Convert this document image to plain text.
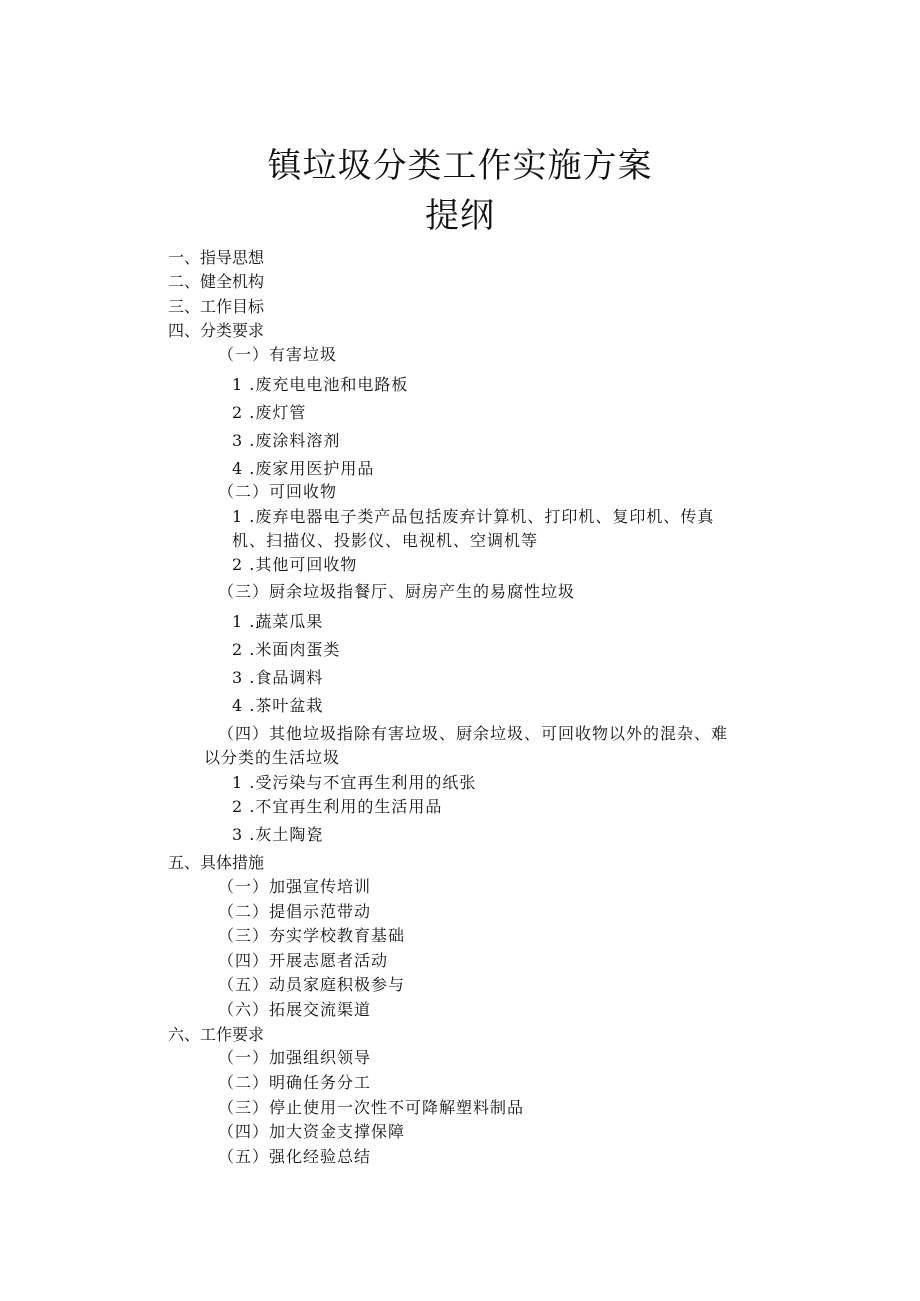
镇垃圾分类工作实施方案
提纲
一、指导思想
二、健全机构
三、工作目标
四、分类要求
（一）有害垃圾
1 .废充电电池和电路板
2 .废灯管
3 .废涂料溶剂
4 .废家用医护用品
（二）可回收物
1 .废弃电器电子类产品包括废弃计算机、打印机、复印机、传真
机、扫描仪、投影仪、电视机、空调机等
2 .其他可回收物
（三）厨余垃圾指餐厅、厨房产生的易腐性垃圾
1 .蔬菜瓜果
2 .米面肉蛋类
3 .食品调料
4 .茶叶盆栽
（四）其他垃圾指除有害垃圾、厨余垃圾、可回收物以外的混杂、难
以分类的生活垃圾
1 .受污染与不宜再生利用的纸张
2 .不宜再生利用的生活用品
3 .灰土陶瓷
五、具体措施
（一）加强宣传培训
（二）提倡示范带动
（三）夯实学校教育基础
（四）开展志愿者活动
（五）动员家庭积极参与
（六）拓展交流渠道
六、工作要求
（一）加强组织领导
（二）明确任务分工
（三）停止使用一次性不可降解塑料制品
（四）加大资金支撑保障
（五）强化经验总结
